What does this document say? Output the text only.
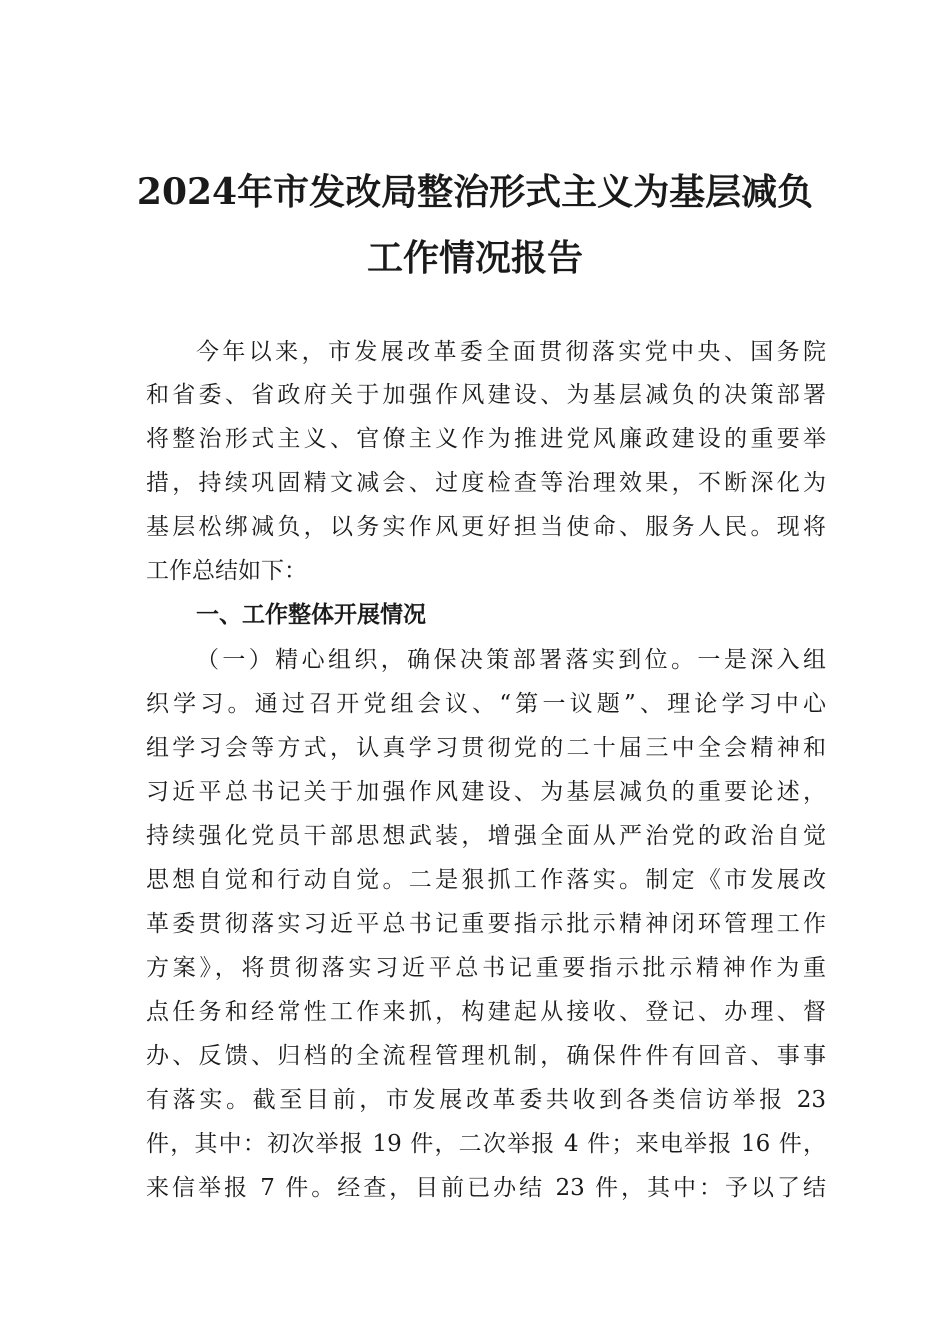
2024年市发改局整治形式主义为基层减负
工作情况报告
今年以来，市发展改革委全面贯彻落实党中央、国务院
和省委、省政府关于加强作风建设、为基层减负的决策部署
将整治形式主义、官僚主义作为推进党风廉政建设的重要举
措，持续巩固精文减会、过度检查等治理效果，不断深化为
基层松绑减负，以务实作风更好担当使命、服务人民。现将
工作总结如下：
一、工作整体开展情况
（一）精心组织，确保决策部署落实到位。一是深入组
织学习。通过召开党组会议、“第一议题”、理论学习中心
组学习会等方式，认真学习贯彻党的二十届三中全会精神和
习近平总书记关于加强作风建设、为基层减负的重要论述，
持续强化党员干部思想武装，增强全面从严治党的政治自觉
思想自觉和行动自觉。二是狠抓工作落实。制定《市发展改
革委贯彻落实习近平总书记重要指示批示精神闭环管理工作
方案》，将贯彻落实习近平总书记重要指示批示精神作为重
点任务和经常性工作来抓，构建起从接收、登记、办理、督
办、反馈、归档的全流程管理机制，确保件件有回音、事事
有落实。截至目前，市发展改革委共收到各类信访举报 23
件，其中：初次举报 19 件，二次举报 4 件；来电举报 16 件，
来信举报 7 件。经查，目前已办结 23 件，其中：予以了结
